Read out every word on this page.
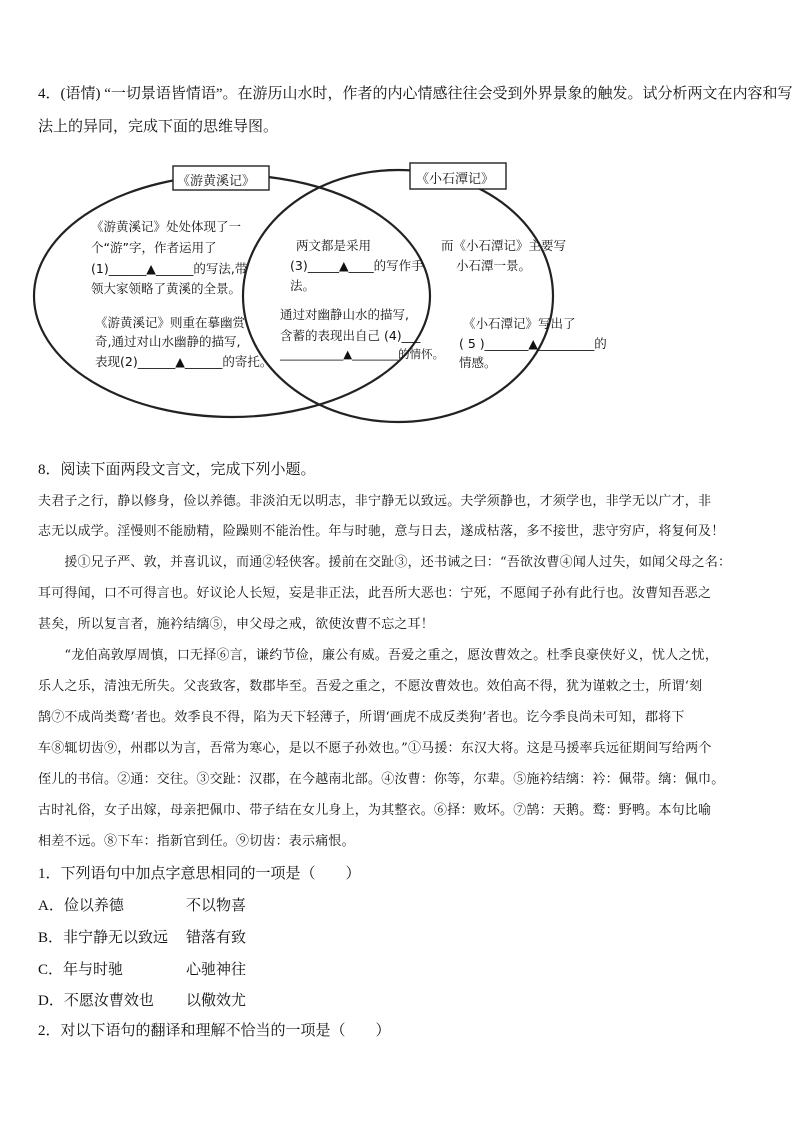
4．(语情) “一切景语皆情语”。在游历山水时，作者的内心情感往往会受到外界景象的触发。试分析两文在内容和写
法上的异同，完成下面的思维导图。
《游黄溪记》	《小石潭记》
《游黄溪记》处处体现了一
个“游”字，作者运用了
(1)______▲______的写法,带
领大家领略了黄溪的全景。
《游黄溪记》则重在摹幽赏
奇,通过对山水幽静的描写,
表现(2)______▲______的寄托。
两文都是采用
(3)_____▲____的写作手
法。
通过对幽静山水的描写,
含蓄的表现出自己 (4)___
___________▲________的情怀。
而《小石潭记》主要写
小石潭一景。
《小石潭记》写出了
( 5 )_______▲_________的
情感。
8．阅读下面两段文言文，完成下列小题。
夫君子之行，静以修身，俭以养德。非淡泊无以明志，非宁静无以致远。夫学须静也，才须学也，非学无以广才，非
志无以成学。淫慢则不能励精，险躁则不能治性。年与时驰，意与日去，遂成枯落，多不接世，悲守穷庐，将复何及！
　　援①兄子严、敦，并喜讥议，而通②轻侠客。援前在交趾③，还书诫之曰：“吾欲汝曹④闻人过失，如闻父母之名：
耳可得闻，口不可得言也。好议论人长短，妄是非正法，此吾所大恶也：宁死，不愿闻子孙有此行也。汝曹知吾恶之
甚矣，所以复言者，施衿结缡⑤，申父母之戒，欲使汝曹不忘之耳！
　　“龙伯高敦厚周慎，口无择⑥言，谦约节俭，廉公有威。吾爱之重之，愿汝曹效之。杜季良豪侠好义，忧人之忧，
乐人之乐，清浊无所失。父丧致客，数郡毕至。吾爱之重之，不愿汝曹效也。效伯高不得，犹为谨敕之士，所谓‘刻
鹄⑦不成尚类鹜’者也。效季良不得，陷为天下轻薄子，所谓‘画虎不成反类狗’者也。讫今季良尚未可知，郡将下
车⑧辄切齿⑨，州郡以为言，吾常为寒心，是以不愿子孙效也。”①马援：东汉大将。这是马援率兵远征期间写给两个
侄儿的书信。②通：交往。③交趾：汉郡，在今越南北部。④汝曹：你等，尔辈。⑤施衿结缡：衿：佩带。缡：佩巾。
古时礼俗，女子出嫁，母亲把佩巾、带子结在女儿身上，为其整衣。⑥择：败坏。⑦鹄：天鹅。鹜：野鸭。本句比喻
相差不远。⑧下车：指新官到任。⑨切齿：表示痛恨。
1．下列语句中加点字意思相同的一项是（　　）
A．俭以养德	不以物喜
B．非宁静无以致远 错落有致
C．年与时驰	心驰神往
D．不愿汝曹效也 以儆效尤
2．对以下语句的翻译和理解不恰当的一项是（　　）
